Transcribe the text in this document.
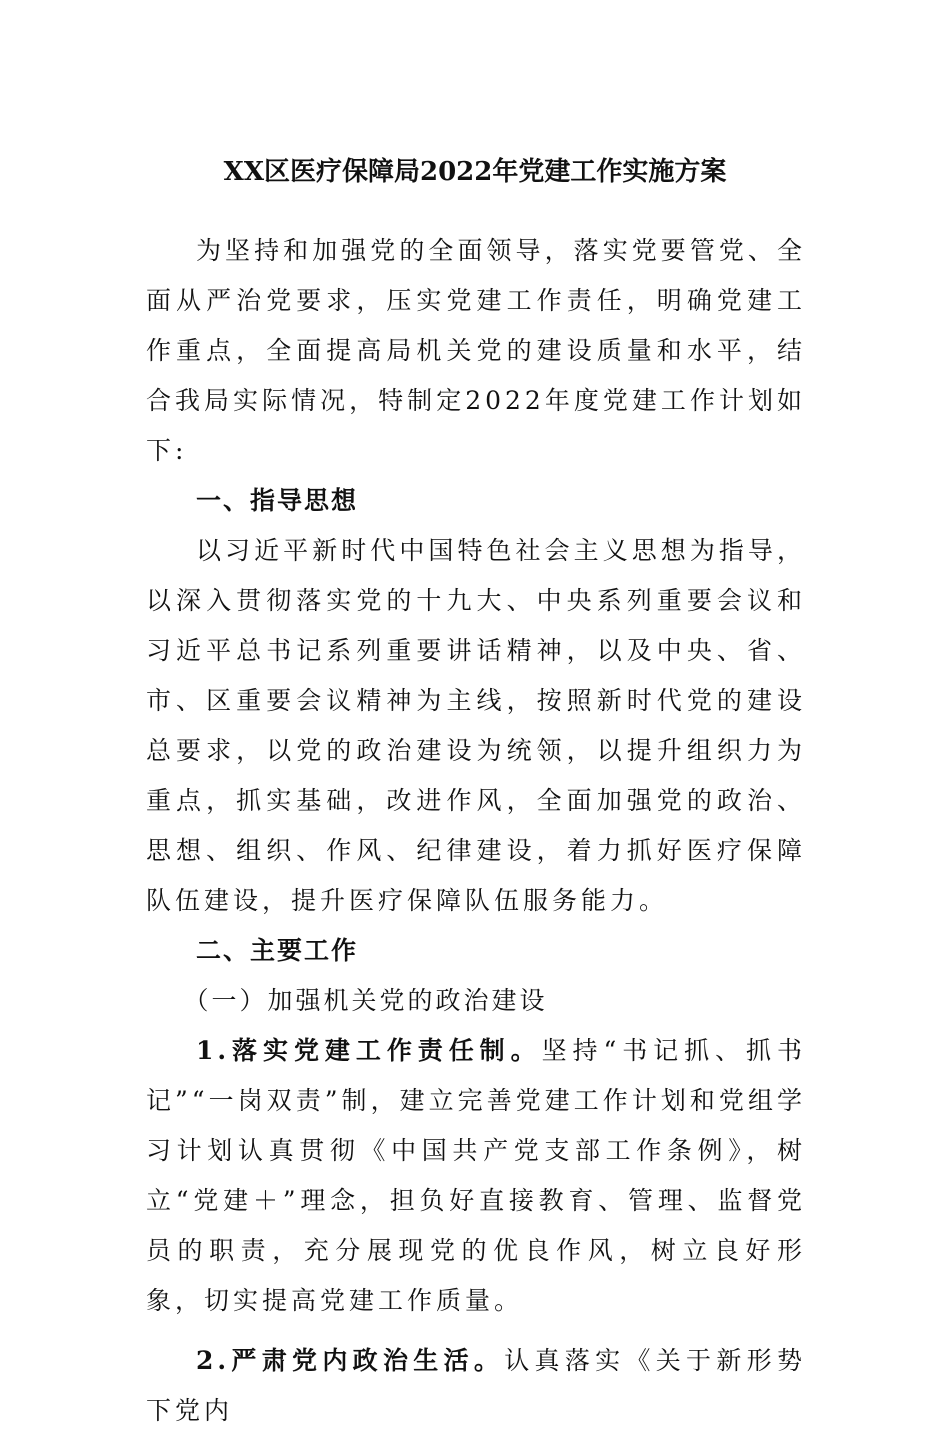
XX区医疗保障局2022年党建工作实施方案

为坚持和加强党的全面领导，落实党要管党、全面从严治党要求，压实党建工作责任，明确党建工作重点，全面提高局机关党的建设质量和水平，结合我局实际情况，特制定2022年度党建工作计划如下:

一、指导思想

以习近平新时代中国特色社会主义思想为指导，以深入贯彻落实党的十九大、中央系列重要会议和习近平总书记系列重要讲话精神，以及中央、省、市、区重要会议精神为主线，按照新时代党的建设总要求，以党的政治建设为统领，以提升组织力为重点，抓实基础，改进作风，全面加强党的政治、思想、组织、作风、纪律建设，着力抓好医疗保障队伍建设，提升医疗保障队伍服务能力。

二、主要工作

（一）加强机关党的政治建设

1.落实党建工作责任制。坚持“书记抓、抓书记”“一岗双责”制，建立完善党建工作计划和党组学习计划认真贯彻《中国共产党支部工作条例》，树立“党建＋”理念，担负好直接教育、管理、监督党员的职责，充分展现党的优良作风，树立良好形象，切实提高党建工作质量。

2.严肃党内政治生活。认真落实《关于新形势下党内
